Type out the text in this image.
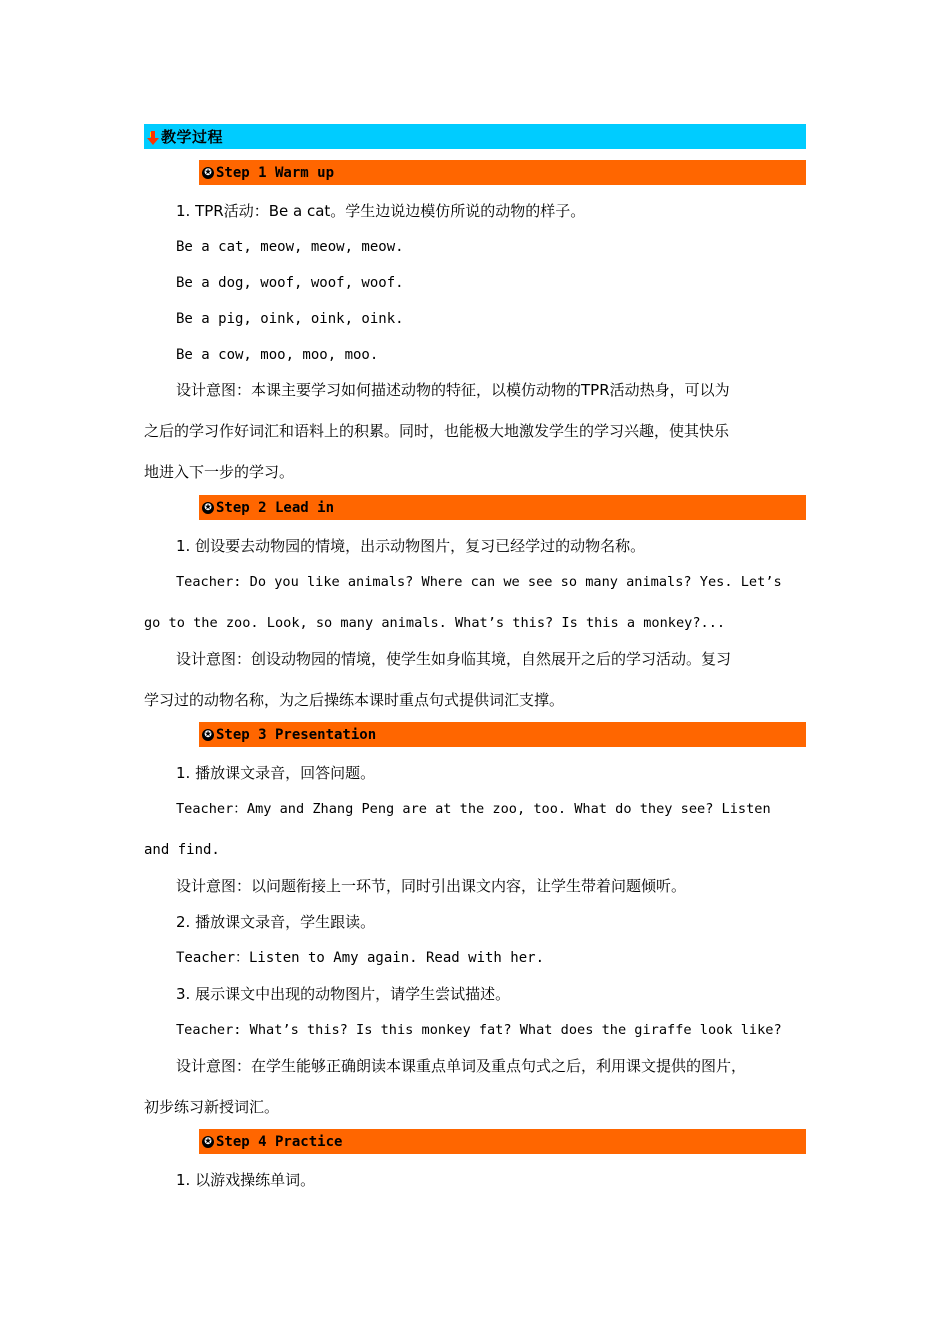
教学过程
✪ Step 1 Warm up
1. TPR活动：Be a cat。学生边说边模仿所说的动物的样子。
Be a cat, meow, meow, meow.
Be a dog, woof, woof, woof.
Be a pig, oink, oink, oink.
Be a cow, moo, moo, moo.
设计意图：本课主要学习如何描述动物的特征，以模仿动物的TPR活动热身，可以为
之后的学习作好词汇和语料上的积累。同时，也能极大地激发学生的学习兴趣，使其快乐
地进入下一步的学习。
✪ Step 2 Lead in
1. 创设要去动物园的情境，出示动物图片，复习已经学过的动物名称。
Teacher: Do you like animals? Where can we see so many animals? Yes. Let’s
go to the zoo. Look, so many animals. What’s this? Is this a monkey?...
设计意图：创设动物园的情境，使学生如身临其境，自然展开之后的学习活动。复习
学习过的动物名称，为之后操练本课时重点句式提供词汇支撑。
✪ Step 3 Presentation
1. 播放课文录音，回答问题。
Teacher：Amy and Zhang Peng are at the zoo, too. What do they see? Listen
and find.
设计意图：以问题衔接上一环节，同时引出课文内容，让学生带着问题倾听。
2. 播放课文录音，学生跟读。
Teacher：Listen to Amy again. Read with her.
3. 展示课文中出现的动物图片，请学生尝试描述。
Teacher: What’s this? Is this monkey fat? What does the giraffe look like?
设计意图：在学生能够正确朗读本课重点单词及重点句式之后，利用课文提供的图片，
初步练习新授词汇。
✪ Step 4 Practice
1. 以游戏操练单词。
